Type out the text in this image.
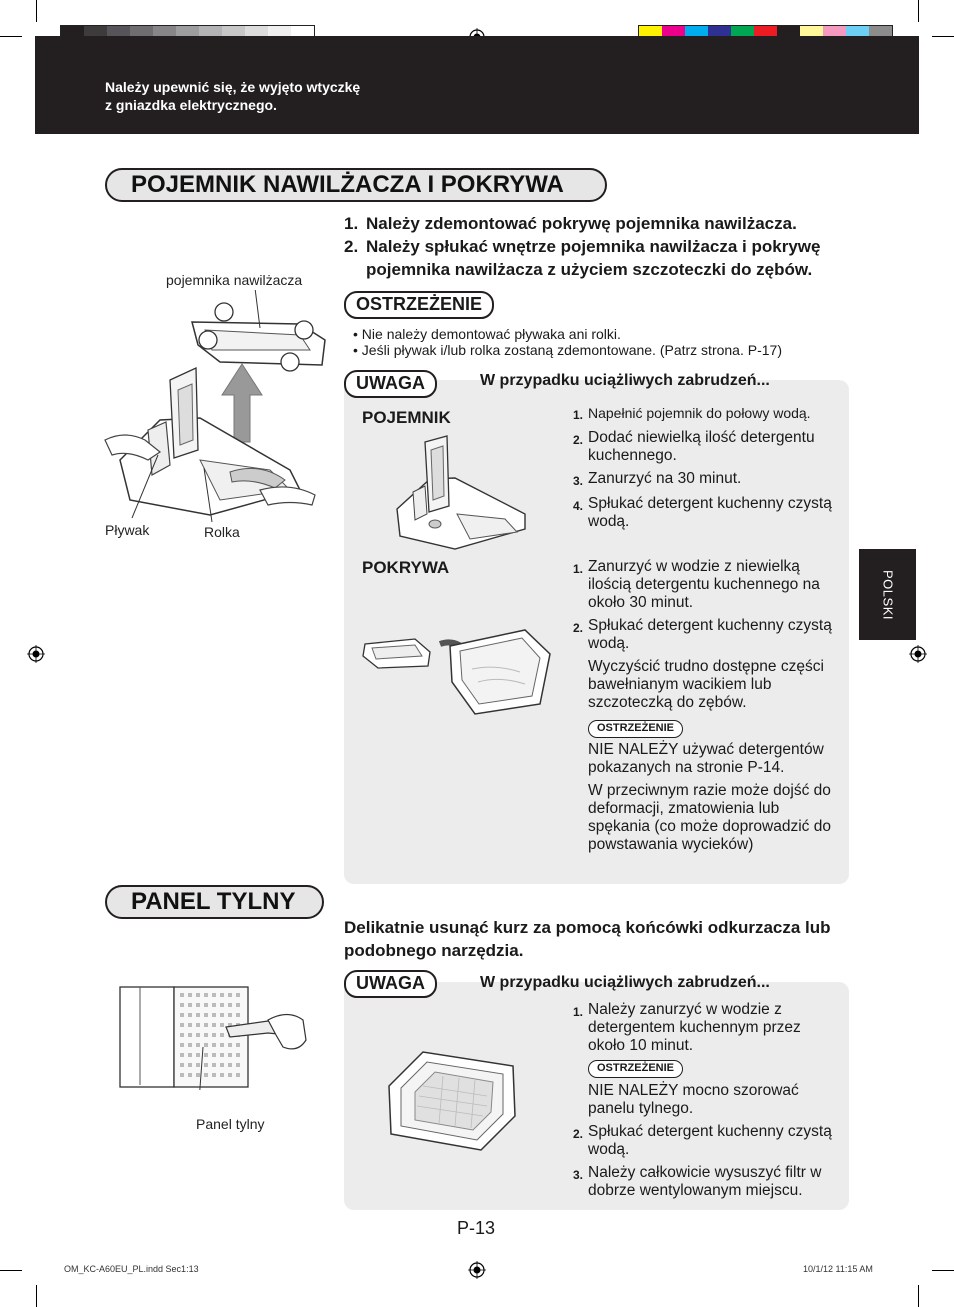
Należy upewnić się, że wyjęto wtyczkę
z gniazdka elektrycznego.
POJEMNIK NAWILŻACZA I POKRYWA
1. Należy zdemontować pokrywę pojemnika nawilżacza.
2. Należy spłukać wnętrze pojemnika nawilżacza i pokrywę pojemnika nawilżacza z użyciem szczoteczki do zębów.
pojemnika nawilżacza
Pływak	Rolka
OSTRZEŻENIE
• Nie należy demontować pływaka ani rolki.
• Jeśli pływak i/lub rolka zostaną zdemontowane. (Patrz strona. P-17)
UWAGA	W przypadku uciążliwych zabrudzeń...
POJEMNIK	1. Napełnić pojemnik do połowy wodą.
2. Dodać niewielką ilość detergentu kuchennego.
3. Zanurzyć na 30 minut.
4. Spłukać detergent kuchenny czystą wodą.
POKRYWA	1. Zanurzyć w wodzie z niewielką ilością detergentu kuchennego na około 30 minut.
2. Spłukać detergent kuchenny czystą wodą.
Wyczyścić trudno dostępne części bawełnianym wacikiem lub szczoteczką do zębów.
OSTRZEŻENIE
NIE NALEŻY używać detergentów pokazanych na stronie P-14.
W przeciwnym razie może dojść do deformacji, zmatowienia lub spękania (co może doprowadzić do powstawania wycieków)
PANEL TYLNY
Delikatnie usunąć kurz za pomocą końcówki odkurzacza lub podobnego narzędzia.
Panel tylny
UWAGA	W przypadku uciążliwych zabrudzeń...
1. Należy zanurzyć w wodzie z detergentem kuchennym przez około 10 minut.
OSTRZEŻENIE
NIE NALEŻY mocno szorować panelu tylnego.
2. Spłukać detergent kuchenny czystą wodą.
3. Należy całkowicie wysuszyć filtr w dobrze wentylowanym miejscu.
POLSKI
P-13
OM_KC-A60EU_PL.indd Sec1:13	10/1/12 11:15 AM
